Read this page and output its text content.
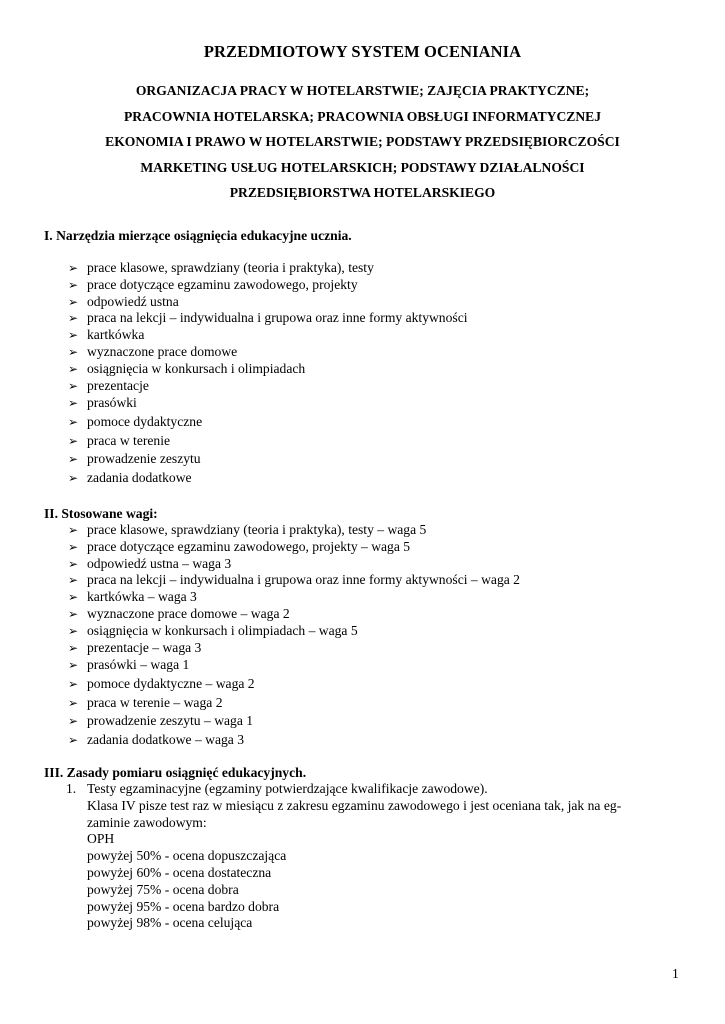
PRZEDMIOTOWY SYSTEM OCENIANIA
ORGANIZACJA PRACY W HOTELARSTWIE; ZAJĘCIA PRAKTYCZNE;
PRACOWNIA HOTELARSKA; PRACOWNIA OBSŁUGI INFORMATYCZNEJ
EKONOMIA I PRAWO W HOTELARSTWIE; PODSTAWY PRZEDSIĘBIORCZOŚCI
MARKETING USŁUG HOTELARSKICH; PODSTAWY DZIAŁALNOŚCI
PRZEDSIĘBIORSTWA HOTELARSKIEGO
I. Narzędzia mierzące osiągnięcia edukacyjne ucznia.
➢ prace klasowe, sprawdziany (teoria i praktyka), testy
➢ prace dotyczące egzaminu zawodowego, projekty
➢ odpowiedź ustna
➢ praca na lekcji – indywidualna i grupowa oraz inne formy aktywności
➢ kartkówka
➢ wyznaczone prace domowe
➢ osiągnięcia w konkursach i olimpiadach
➢ prezentacje
➢ prasówki
➢ pomoce dydaktyczne
➢ praca w terenie
➢ prowadzenie zeszytu
➢ zadania dodatkowe
II. Stosowane wagi:
➢ prace klasowe, sprawdziany (teoria i praktyka), testy – waga 5
➢ prace dotyczące egzaminu zawodowego, projekty – waga 5
➢ odpowiedź ustna – waga 3
➢ praca na lekcji – indywidualna i grupowa oraz inne formy aktywności – waga 2
➢ kartkówka – waga 3
➢ wyznaczone prace domowe – waga 2
➢ osiągnięcia w konkursach i olimpiadach – waga 5
➢ prezentacje – waga 3
➢ prasówki – waga 1
➢ pomoce dydaktyczne – waga 2
➢ praca w terenie – waga 2
➢ prowadzenie zeszytu – waga 1
➢ zadania dodatkowe – waga 3
III. Zasady pomiaru osiągnięć edukacyjnych.
1. Testy egzaminacyjne (egzaminy potwierdzające kwalifikacje zawodowe).
Klasa IV pisze test raz w miesiącu z zakresu egzaminu zawodowego i jest oceniana tak, jak na eg-
zaminie zawodowym:
OPH
powyżej 50% - ocena dopuszczająca
powyżej 60% - ocena dostateczna
powyżej 75% - ocena dobra
powyżej 95% - ocena bardzo dobra
powyżej 98% - ocena celująca
1
